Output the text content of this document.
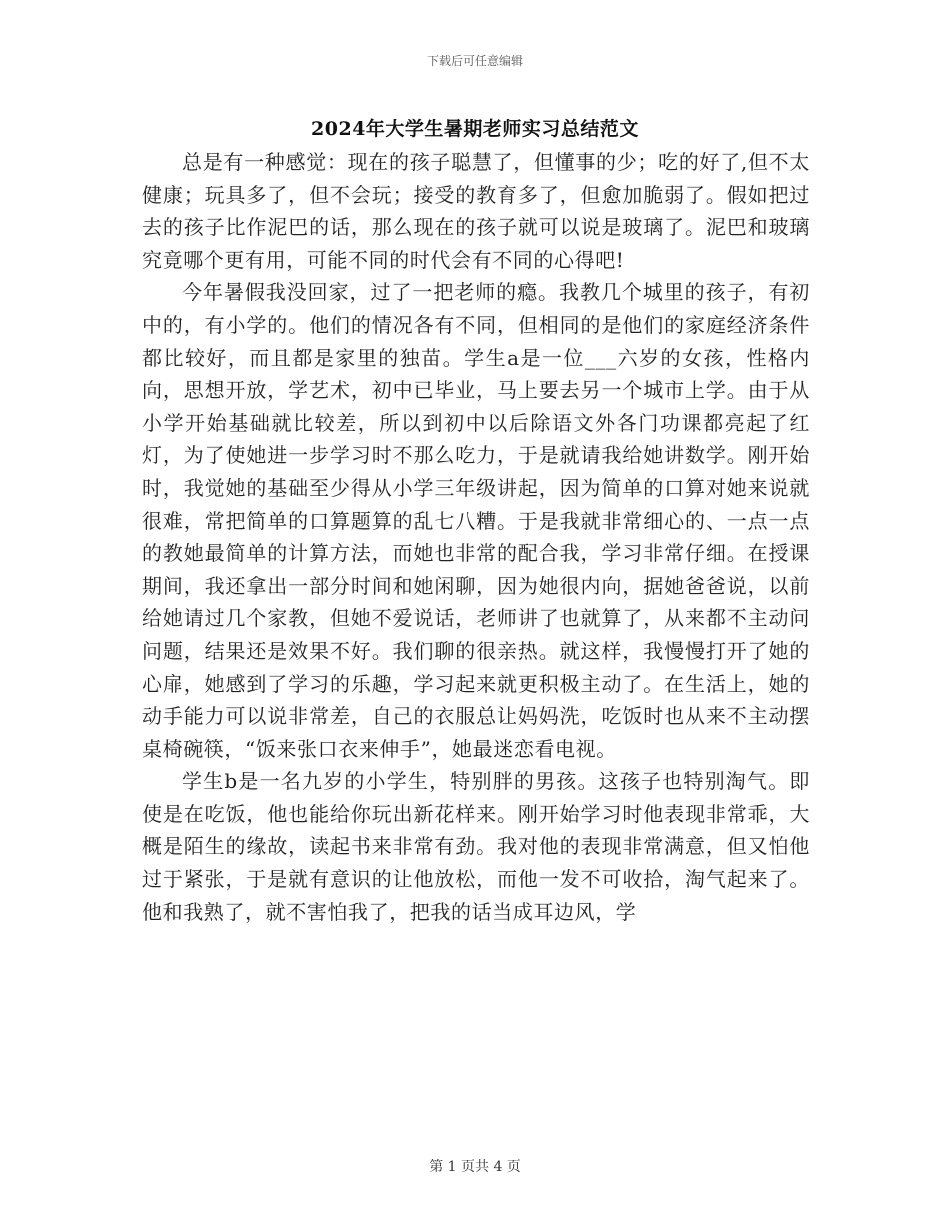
下载后可任意编辑
2024年大学生暑期老师实习总结范文

总是有一种感觉：现在的孩子聪慧了，但懂事的少；吃的好了,但不太健康；玩具多了，但不会玩；接受的教育多了，但愈加脆弱了。假如把过去的孩子比作泥巴的话，那么现在的孩子就可以说是玻璃了。泥巴和玻璃究竟哪个更有用，可能不同的时代会有不同的心得吧!

今年暑假我没回家，过了一把老师的瘾。我教几个城里的孩子，有初中的，有小学的。他们的情况各有不同，但相同的是他们的家庭经济条件都比较好，而且都是家里的独苗。学生a是一位___六岁的女孩，性格内向，思想开放，学艺术，初中已毕业，马上要去另一个城市上学。由于从小学开始基础就比较差，所以到初中以后除语文外各门功课都亮起了红灯，为了使她进一步学习时不那么吃力，于是就请我给她讲数学。刚开始时，我觉她的基础至少得从小学三年级讲起，因为简单的口算对她来说就很难，常把简单的口算题算的乱七八糟。于是我就非常细心的、一点一点的教她最简单的计算方法，而她也非常的配合我，学习非常仔细。在授课期间，我还拿出一部分时间和她闲聊，因为她很内向，据她爸爸说，以前给她请过几个家教，但她不爱说话，老师讲了也就算了，从来都不主动问问题，结果还是效果不好。我们聊的很亲热。就这样，我慢慢打开了她的心扉，她感到了学习的乐趣，学习起来就更积极主动了。在生活上，她的动手能力可以说非常差，自己的衣服总让妈妈洗，吃饭时也从来不主动摆桌椅碗筷，“饭来张口衣来伸手”，她最迷恋看电视。

学生b是一名九岁的小学生，特别胖的男孩。这孩子也特别淘气。即使是在吃饭，他也能给你玩出新花样来。刚开始学习时他表现非常乖，大概是陌生的缘故，读起书来非常有劲。我对他的表现非常满意，但又怕他过于紧张，于是就有意识的让他放松，而他一发不可收拾，淘气起来了。他和我熟了，就不害怕我了，把我的话当成耳边风，学

第 1 页共 4 页
